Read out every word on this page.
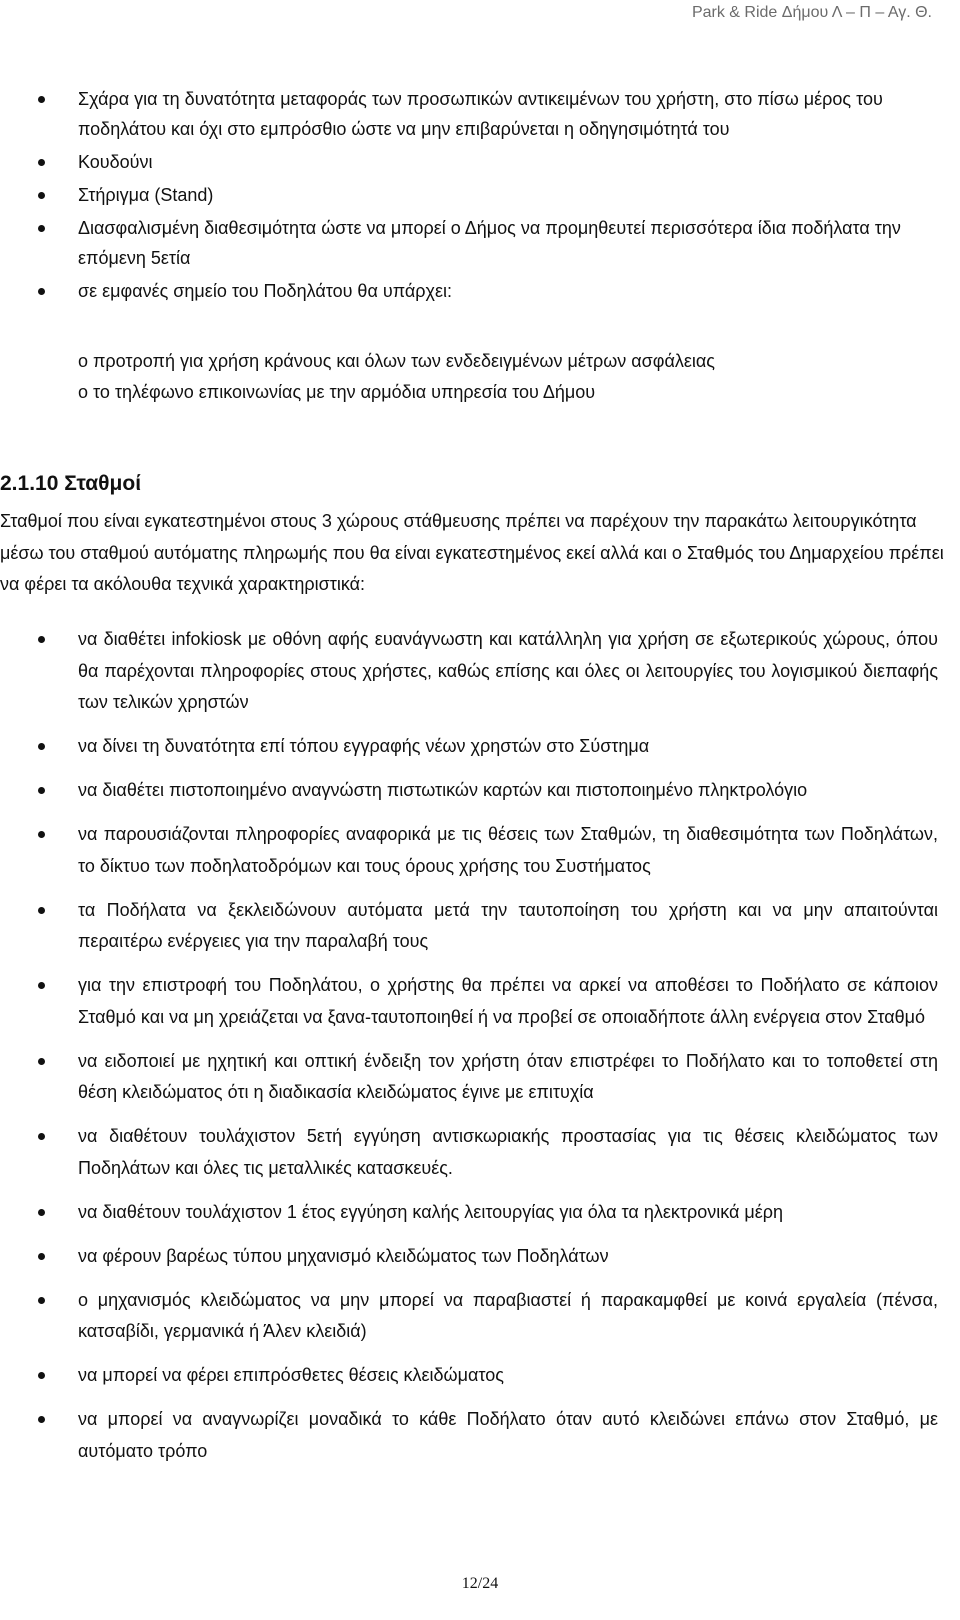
Park & Ride Δήμου Λ – Π – Αγ. Θ.
Σχάρα για τη δυνατότητα μεταφοράς των προσωπικών αντικειμένων του χρήστη, στο πίσω μέρος του ποδηλάτου και όχι στο εμπρόσθιο ώστε να μην επιβαρύνεται η οδηγησιμότητά του
Κουδούνι
Στήριγμα (Stand)
Διασφαλισμένη διαθεσιμότητα ώστε να μπορεί ο Δήμος να προμηθευτεί περισσότερα ίδια ποδήλατα την επόμενη 5ετία
σε εμφανές σημείο του Ποδηλάτου θα υπάρχει:
o προτροπή για χρήση κράνους και όλων των ενδεδειγμένων μέτρων ασφάλειας
o το τηλέφωνο επικοινωνίας με την αρμόδια υπηρεσία του Δήμου
2.1.10 Σταθμοί
Σταθμοί που είναι εγκατεστημένοι στους 3 χώρους στάθμευσης πρέπει να παρέχουν την παρακάτω λειτουργικότητα μέσω του σταθμού αυτόματης πληρωμής που θα είναι εγκατεστημένος εκεί αλλά και ο Σταθμός του Δημαρχείου πρέπει να φέρει τα ακόλουθα τεχνικά χαρακτηριστικά:
να διαθέτει infokiosk με οθόνη αφής ευανάγνωστη και κατάλληλη για χρήση σε εξωτερικούς χώρους, όπου θα παρέχονται πληροφορίες στους χρήστες, καθώς επίσης και όλες οι λειτουργίες του λογισμικού διεπαφής των τελικών χρηστών
να δίνει τη δυνατότητα επί τόπου εγγραφής νέων χρηστών στο Σύστημα
να διαθέτει πιστοποιημένο αναγνώστη πιστωτικών καρτών και πιστοποιημένο πληκτρολόγιο
να παρουσιάζονται πληροφορίες αναφορικά με τις θέσεις των Σταθμών, τη διαθεσιμότητα των Ποδηλάτων, το δίκτυο των ποδηλατοδρόμων και τους όρους χρήσης του Συστήματος
τα Ποδήλατα να ξεκλειδώνουν αυτόματα μετά την ταυτοποίηση του χρήστη και να μην απαιτούνται περαιτέρω ενέργειες για την παραλαβή τους
για την επιστροφή του Ποδηλάτου, ο χρήστης θα πρέπει να αρκεί να αποθέσει το Ποδήλατο σε κάποιον Σταθμό και να μη χρειάζεται να ξανα-ταυτοποιηθεί ή να προβεί σε οποιαδήποτε άλλη ενέργεια στον Σταθμό
να ειδοποιεί με ηχητική και οπτική ένδειξη τον χρήστη όταν επιστρέφει το Ποδήλατο και το τοποθετεί στη θέση κλειδώματος ότι η διαδικασία κλειδώματος έγινε με επιτυχία
να διαθέτουν τουλάχιστον 5ετή εγγύηση αντισκωριακής προστασίας για τις θέσεις κλειδώματος των Ποδηλάτων και όλες τις μεταλλικές κατασκευές.
να διαθέτουν τουλάχιστον 1 έτος εγγύηση καλής λειτουργίας για όλα τα ηλεκτρονικά μέρη
να φέρουν βαρέως τύπου μηχανισμό κλειδώματος των Ποδηλάτων
ο μηχανισμός κλειδώματος να μην μπορεί να παραβιαστεί ή παρακαμφθεί με κοινά εργαλεία (πένσα, κατσαβίδι, γερμανικά ή Άλεν κλειδιά)
να μπορεί να φέρει επιπρόσθετες θέσεις κλειδώματος
να μπορεί να αναγνωρίζει μοναδικά το κάθε Ποδήλατο όταν αυτό κλειδώνει επάνω στον Σταθμό, με αυτόματο τρόπο
12/24
